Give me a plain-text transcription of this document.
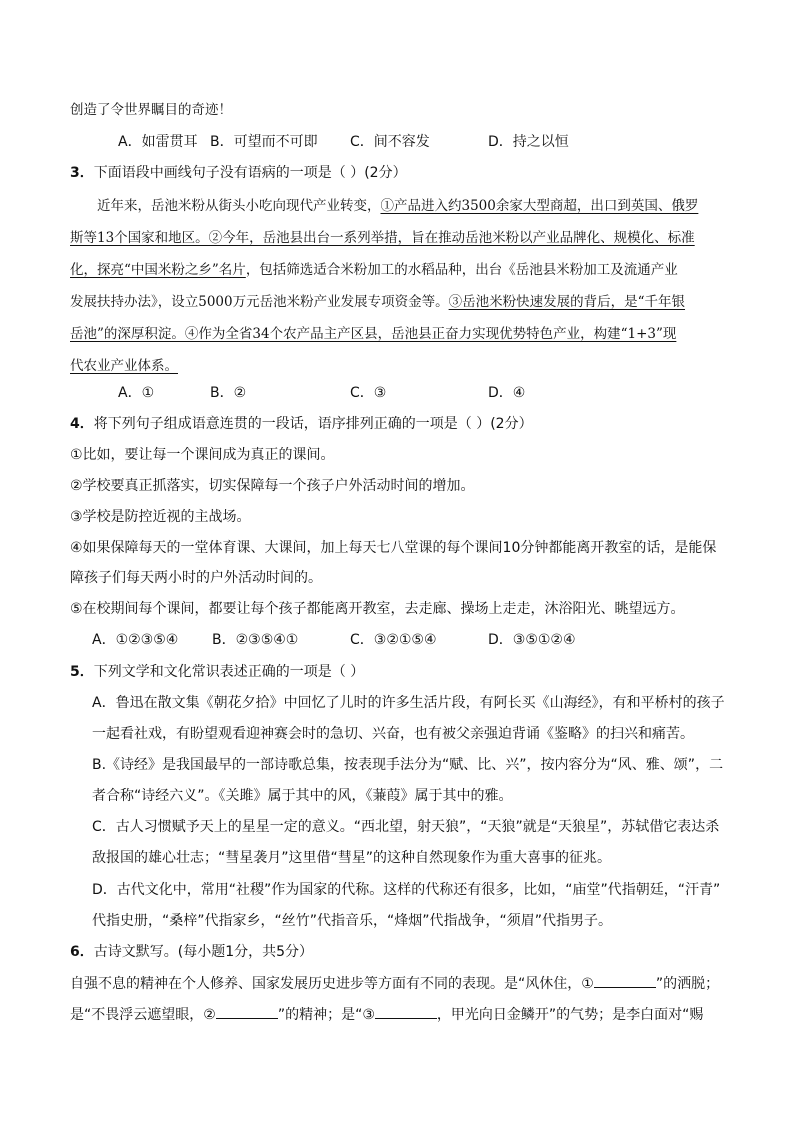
创造了令世界瞩目的奇迹！
A．如雷贯耳 B．可望而不可即 C．间不容发	D．持之以恒
3．下面语段中画线句子没有语病的一项是（ ）(2分）
近年来，岳池米粉从街头小吃向现代产业转变，①产品进入约3500余家大型商超，出口到英国、俄罗
斯等13个国家和地区。②今年，岳池县出台一系列举措，旨在推动岳池米粉以产业品牌化、规模化、标准
化，探亮“中国米粉之乡”名片，包括筛选适合米粉加工的水稻品种，出台《岳池县米粉加工及流通产业
发展扶持办法》，设立5000万元岳池米粉产业发展专项资金等。③岳池米粉快速发展的背后，是“千年银
岳池”的深厚积淀。④作为全省34个农产品主产区县，岳池县正奋力实现优势特色产业，构建“1+3”现
代农业产业体系。
A．①	B．②	C．③	D．④
4．将下列句子组成语意连贯的一段话，语序排列正确的一项是（ ）(2分）
①比如，要让每一个课间成为真正的课间。
②学校要真正抓落实，切实保障每一个孩子户外活动时间的增加。
③学校是防控近视的主战场。
④如果保障每天的一堂体育课、大课间，加上每天七八堂课的每个课间10分钟都能离开教室的话，是能保
障孩子们每天两小时的户外活动时间的。
⑤在校期间每个课间，都要让每个孩子都能离开教室，去走廊、操场上走走，沐浴阳光、眺望远方。
A．①②③⑤④ B．②③⑤④①	C．③②①⑤④	D．③⑤①②④
5．下列文学和文化常识表述正确的一项是（ ）
A．鲁迅在散文集《朝花夕拾》中回忆了儿时的许多生活片段，有阿长买《山海经》，有和平桥村的孩子
一起看社戏，有盼望观看迎神赛会时的急切、兴奋，也有被父亲强迫背诵《鉴略》的扫兴和痛苦。
B.《诗经》是我国最早的一部诗歌总集，按表现手法分为“赋、比、兴”，按内容分为“风、雅、颂”，二
者合称“诗经六义”。《关雎》属于其中的风，《蒹葭》属于其中的雅。
C．古人习惯赋予天上的星星一定的意义。“西北望，射天狼”，“天狼”就是“天狼星”，苏轼借它表达杀
敌报国的雄心壮志；“彗星袭月”这里借“彗星”的这种自然现象作为重大喜事的征兆。
D．古代文化中，常用“社稷”作为国家的代称。这样的代称还有很多，比如，“庙堂”代指朝廷，“汗青”
代指史册，“桑梓”代指家乡，“丝竹”代指音乐，“烽烟”代指战争，“须眉”代指男子。
6．古诗文默写。(每小题1分，共5分）
自强不息的精神在个人修养、国家发展历史进步等方面有不同的表现。是“风休住，①	”的洒脱；
是“不畏浮云遮望眼，②	”的精神；是“③	，甲光向日金鳞开”的气势；是李白面对“赐
